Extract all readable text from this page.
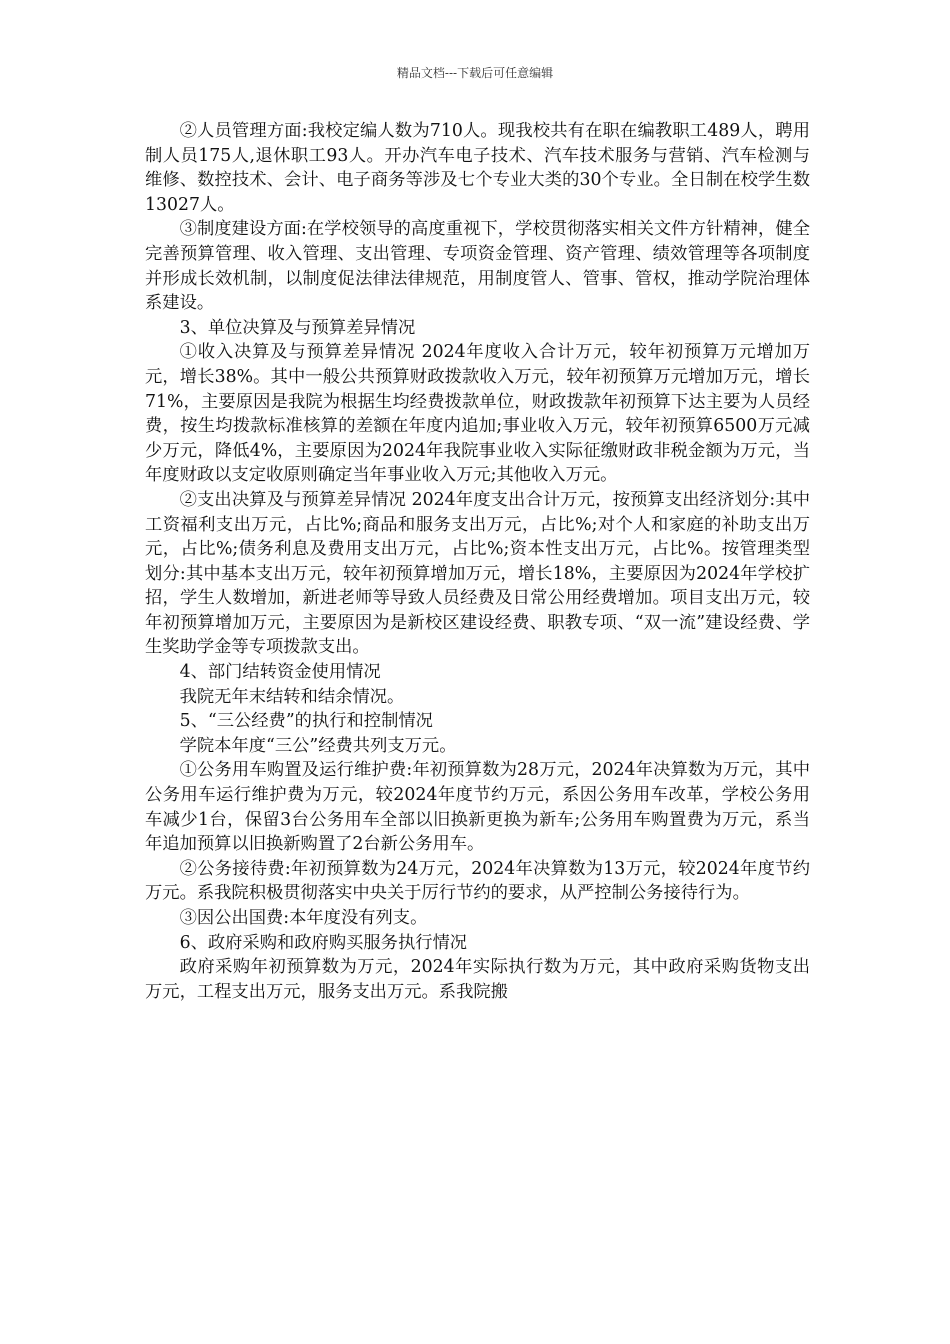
精品文档---下载后可任意编辑

②人员管理方面:我校定编人数为710人。现我校共有在职在编教职工489人，聘用制人员175人,退休职工93人。开办汽车电子技术、汽车技术服务与营销、汽车检测与维修、数控技术、会计、电子商务等涉及七个专业大类的30个专业。全日制在校学生数13027人。

③制度建设方面:在学校领导的高度重视下，学校贯彻落实相关文件方针精神，健全完善预算管理、收入管理、支出管理、专项资金管理、资产管理、绩效管理等各项制度并形成长效机制，以制度促法律法律规范，用制度管人、管事、管权，推动学院治理体系建设。

3、单位决算及与预算差异情况

①收入决算及与预算差异情况 2024年度收入合计万元，较年初预算万元增加万元，增长38%。其中一般公共预算财政拨款收入万元，较年初预算万元增加万元，增长71%，主要原因是我院为根据生均经费拨款单位，财政拨款年初预算下达主要为人员经费，按生均拨款标准核算的差额在年度内追加;事业收入万元，较年初预算6500万元减少万元，降低4%，主要原因为2024年我院事业收入实际征缴财政非税金额为万元，当年度财政以支定收原则确定当年事业收入万元;其他收入万元。

②支出决算及与预算差异情况 2024年度支出合计万元，按预算支出经济划分:其中工资福利支出万元，占比%;商品和服务支出万元，占比%;对个人和家庭的补助支出万元，占比%;债务利息及费用支出万元，占比%;资本性支出万元，占比%。按管理类型划分:其中基本支出万元，较年初预算增加万元，增长18%，主要原因为2024年学校扩招，学生人数增加，新进老师等导致人员经费及日常公用经费增加。项目支出万元，较年初预算增加万元，主要原因为是新校区建设经费、职教专项、“双一流”建设经费、学生奖助学金等专项拨款支出。

4、部门结转资金使用情况

我院无年末结转和结余情况。

5、“三公经费”的执行和控制情况

学院本年度“三公”经费共列支万元。

①公务用车购置及运行维护费:年初预算数为28万元，2024年决算数为万元，其中公务用车运行维护费为万元，较2024年度节约万元，系因公务用车改革，学校公务用车减少1台，保留3台公务用车全部以旧换新更换为新车;公务用车购置费为万元，系当年追加预算以旧换新购置了2台新公务用车。

②公务接待费:年初预算数为24万元，2024年决算数为13万元，较2024年度节约万元。系我院积极贯彻落实中央关于厉行节约的要求，从严控制公务接待行为。

③因公出国费:本年度没有列支。

6、政府采购和政府购买服务执行情况

政府采购年初预算数为万元，2024年实际执行数为万元，其中政府采购货物支出万元，工程支出万元，服务支出万元。系我院搬
